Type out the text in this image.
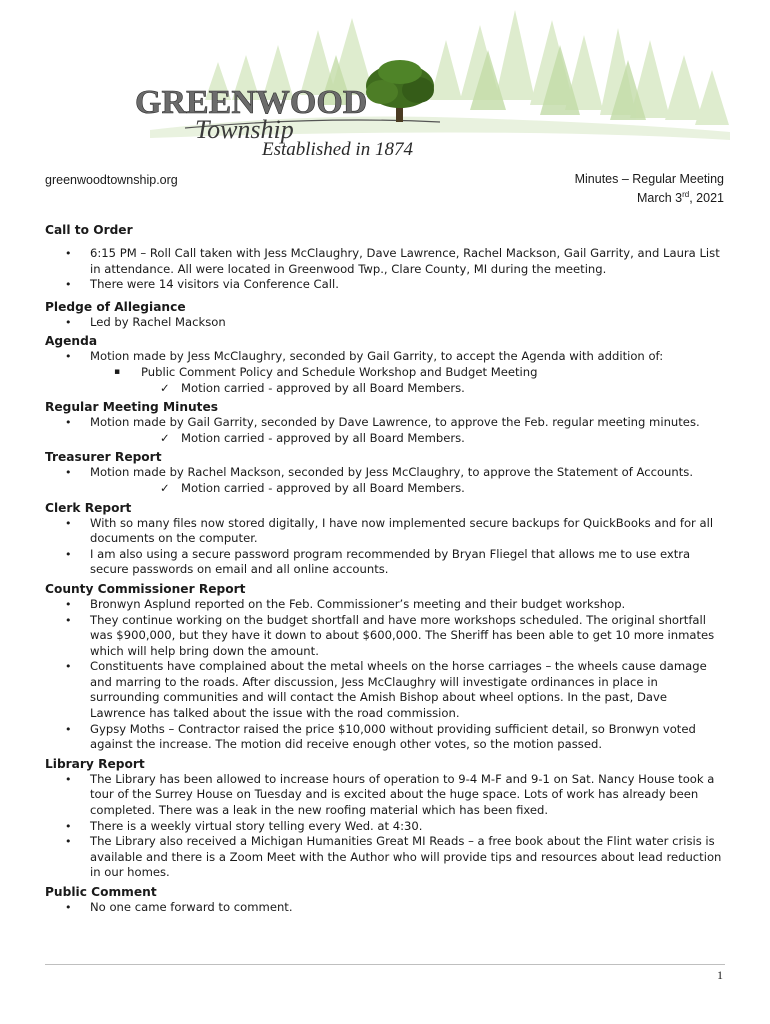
GREENWOOD
Township
Established in 1874
greenwoodtownship.org	Minutes – Regular Meeting
March 3rd, 2021
Call to Order
• 6:15 PM – Roll Call taken with Jess McClaughry, Dave Lawrence, Rachel Mackson, Gail Garrity, and Laura List in attendance. All were located in Greenwood Twp., Clare County, MI during the meeting.
• There were 14 visitors via Conference Call.
Pledge of Allegiance
• Led by Rachel Mackson
Agenda
• Motion made by Jess McClaughry, seconded by Gail Garrity, to accept the Agenda with addition of:
▪ Public Comment Policy and Schedule Workshop and Budget Meeting
✓ Motion carried - approved by all Board Members.
Regular Meeting Minutes
• Motion made by Gail Garrity, seconded by Dave Lawrence, to approve the Feb. regular meeting minutes.
✓ Motion carried - approved by all Board Members.
Treasurer Report
• Motion made by Rachel Mackson, seconded by Jess McClaughry, to approve the Statement of Accounts.
✓ Motion carried - approved by all Board Members.
Clerk Report
• With so many files now stored digitally, I have now implemented secure backups for QuickBooks and for all documents on the computer.
• I am also using a secure password program recommended by Bryan Fliegel that allows me to use extra secure passwords on email and all online accounts.
County Commissioner Report
• Bronwyn Asplund reported on the Feb. Commissioner’s meeting and their budget workshop.
• They continue working on the budget shortfall and have more workshops scheduled. The original shortfall was $900,000, but they have it down to about $600,000. The Sheriff has been able to get 10 more inmates which will help bring down the amount.
• Constituents have complained about the metal wheels on the horse carriages – the wheels cause damage and marring to the roads. After discussion, Jess McClaughry will investigate ordinances in place in surrounding communities and will contact the Amish Bishop about wheel options. In the past, Dave Lawrence has talked about the issue with the road commission.
• Gypsy Moths – Contractor raised the price $10,000 without providing sufficient detail, so Bronwyn voted against the increase. The motion did receive enough other votes, so the motion passed.
Library Report
• The Library has been allowed to increase hours of operation to 9-4 M-F and 9-1 on Sat. Nancy House took a tour of the Surrey House on Tuesday and is excited about the huge space. Lots of work has already been completed. There was a leak in the new roofing material which has been fixed.
• There is a weekly virtual story telling every Wed. at 4:30.
• The Library also received a Michigan Humanities Great MI Reads – a free book about the Flint water crisis is available and there is a Zoom Meet with the Author who will provide tips and resources about lead reduction in our homes.
Public Comment
• No one came forward to comment.
1
